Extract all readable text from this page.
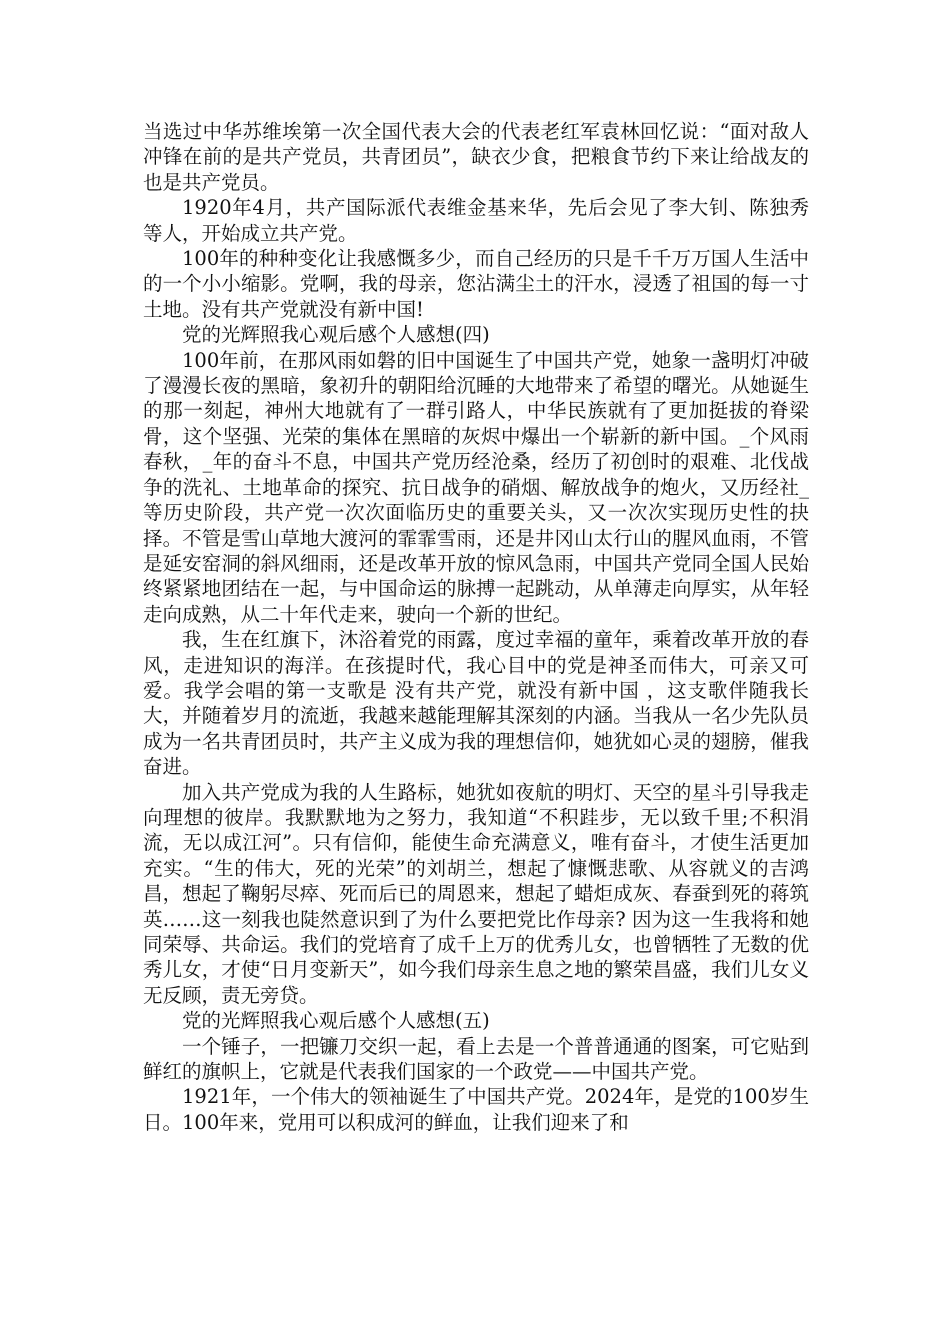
当选过中华苏维埃第一次全国代表大会的代表老红军袁林回忆说：“面对敌人冲锋在前的是共产党员，共青团员”，缺衣少食，把粮食节约下来让给战友的也是共产党员。

1920年4月，共产国际派代表维金基来华，先后会见了李大钊、陈独秀等人，开始成立共产党。

100年的种种变化让我感慨多少，而自己经历的只是千千万万国人生活中的一个小小缩影。党啊，我的母亲，您沾满尘土的汗水，浸透了祖国的每一寸土地。没有共产党就没有新中国!

党的光辉照我心观后感个人感想(四)

100年前，在那风雨如磐的旧中国诞生了中国共产党，她象一盏明灯冲破了漫漫长夜的黑暗，象初升的朝阳给沉睡的大地带来了希望的曙光。从她诞生的那一刻起，神州大地就有了一群引路人，中华民族就有了更加挺拔的脊梁骨，这个坚强、光荣的集体在黑暗的灰烬中爆出一个崭新的新中国。_个风雨春秋，_年的奋斗不息，中国共产党历经沧桑，经历了初创时的艰难、北伐战争的洗礼、土地革命的探究、抗日战争的硝烟、解放战争的炮火，又历经社_等历史阶段，共产党一次次面临历史的重要关头，又一次次实现历史性的抉择。不管是雪山草地大渡河的霏霏雪雨，还是井冈山太行山的腥风血雨，不管是延安窑洞的斜风细雨，还是改革开放的惊风急雨，中国共产党同全国人民始终紧紧地团结在一起，与中国命运的脉搏一起跳动，从单薄走向厚实，从年轻走向成熟，从二十年代走来，驶向一个新的世纪。

我，生在红旗下，沐浴着党的雨露，度过幸福的童年，乘着改革开放的春风，走进知识的海洋。在孩提时代，我心目中的党是神圣而伟大，可亲又可爱。我学会唱的第一支歌是 没有共产党，就没有新中国 ，这支歌伴随我长大，并随着岁月的流逝，我越来越能理解其深刻的内涵。当我从一名少先队员成为一名共青团员时，共产主义成为我的理想信仰，她犹如心灵的翅膀，催我奋进。

加入共产党成为我的人生路标，她犹如夜航的明灯、天空的星斗引导我走向理想的彼岸。我默默地为之努力，我知道“不积跬步，无以致千里;不积涓流，无以成江河”。只有信仰，能使生命充满意义，唯有奋斗，才使生活更加充实。“生的伟大，死的光荣”的刘胡兰，想起了慷慨悲歌、从容就义的吉鸿昌，想起了鞠躬尽瘁、死而后已的周恩来，想起了蜡炬成灰、春蚕到死的蒋筑英……这一刻我也陡然意识到了为什么要把党比作母亲? 因为这一生我将和她同荣辱、共命运。我们的党培育了成千上万的优秀儿女，也曾牺牲了无数的优秀儿女，才使“日月变新天”，如今我们母亲生息之地的繁荣昌盛，我们儿女义无反顾，责无旁贷。

党的光辉照我心观后感个人感想(五)

一个锤子，一把镰刀交织一起，看上去是一个普普通通的图案，可它贴到鲜红的旗帜上，它就是代表我们国家的一个政党——中国共产党。

1921年，一个伟大的领袖诞生了中国共产党。2024年，是党的100岁生日。100年来，党用可以积成河的鲜血，让我们迎来了和
